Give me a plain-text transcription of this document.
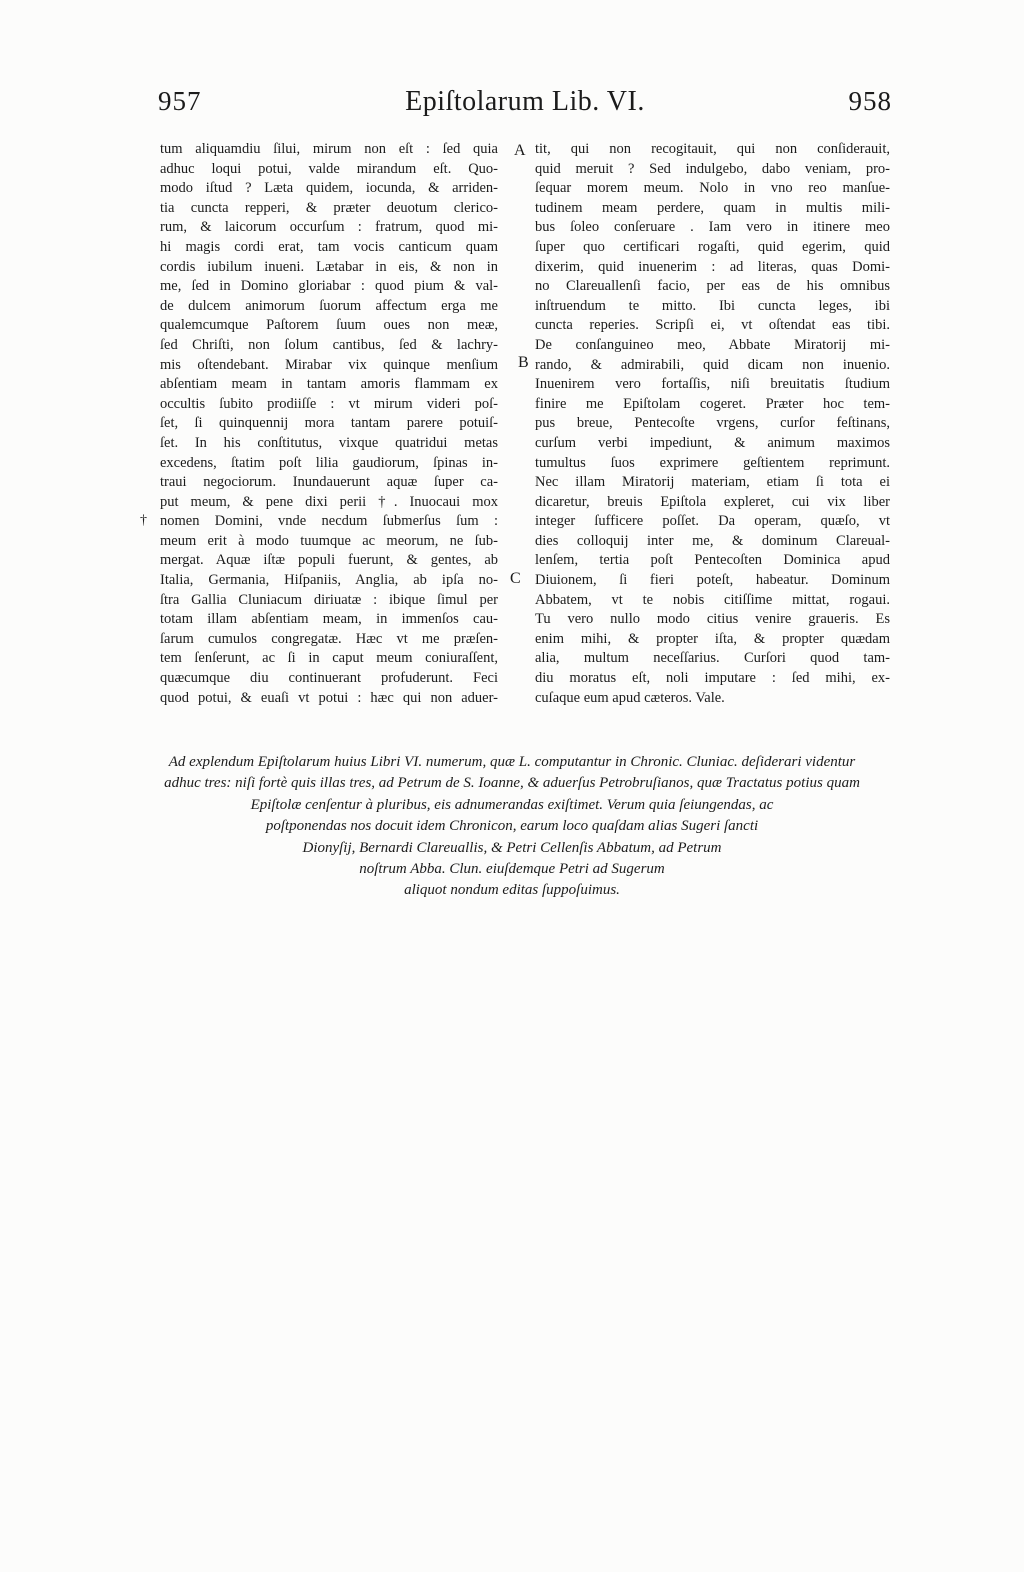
957	Epiſtolarum Lib. VI.	958
tum aliquamdiu ſilui, mirum non eſt : ſed quia
adhuc loqui potui, valde mirandum eſt. Quo-
modo iſtud ? Læta quidem, iocunda, & arriden-
tia cuncta repperi, & præter deuotum clerico-
rum, & laicorum occurſum : fratrum, quod mi-
hi magis cordi erat, tam vocis canticum quam
cordis iubilum inueni. Lætabar in eis, & non in
me, ſed in Domino gloriabar : quod pium & val-
de dulcem animorum ſuorum affectum erga me
qualemcumque Paſtorem ſuum oues non meæ,
ſed Chriſti, non ſolum cantibus, ſed & lachry-
mis oſtendebant. Mirabar vix quinque menſium
abſentiam meam in tantam amoris flammam ex
occultis ſubito prodiiſſe : vt mirum videri poſ-
ſet, ſi quinquennij mora tantam parere potuiſ-
ſet. In his conſtitutus, vixque quatridui metas
excedens, ſtatim poſt lilia gaudiorum, ſpinas in-
traui negociorum. Inundauerunt aquæ ſuper ca-
put meum, & pene dixi perii †. Inuocaui mox
nomen Domini, vnde necdum ſubmerſus ſum :
meum erit à modo tuumque ac meorum, ne ſub-
mergat. Aquæ iſtæ populi fuerunt, & gentes, ab
Italia, Germania, Hiſpaniis, Anglia, ab ipſa no-
ſtra Gallia Cluniacum diriuatæ : ibique ſimul per
totam illam abſentiam meam, in immenſos cau-
ſarum cumulos congregatæ. Hæc vt me præſen-
tem ſenſerunt, ac ſi in caput meum coniuraſſent,
quæcumque diu continuerant profuderunt. Feci
quod potui, & euaſi vt potui : hæc qui non aduer-
tit, qui non recogitauit, qui non conſiderauit,
quid meruit ? Sed indulgebo, dabo veniam, pro-
ſequar morem meum. Nolo in vno reo manſue-
tudinem meam perdere, quam in multis mili-
bus ſoleo conſeruare . Iam vero in itinere meo
ſuper quo certificari rogaſti, quid egerim, quid
dixerim, quid inuenerim : ad literas, quas Domi-
no Clareuallenſi facio, per eas de his omnibus
inſtruendum te mitto. Ibi cuncta leges, ibi
cuncta reperies. Scripſi ei, vt oſtendat eas tibi.
De conſanguineo meo, Abbate Miratorij mi-
rando, & admirabili, quid dicam non inuenio.
Inuenirem vero fortaſſis, niſi breuitatis ſtudium
finire me Epiſtolam cogeret. Præter hoc tem-
pus breue, Pentecoſte vrgens, curſor feſtinans,
curſum verbi impediunt, & animum maximos
tumultus ſuos exprimere geſtientem reprimunt.
Nec illam Miratorij materiam, etiam ſi tota ei
dicaretur, breuis Epiſtola expleret, cui vix liber
integer ſufficere poſſet. Da operam, quæſo, vt
dies colloquij inter me, & dominum Clareual-
lenſem, tertia poſt Pentecoſten Dominica apud
Diuionem, ſi fieri poteſt, habeatur. Dominum
Abbatem, vt te nobis citiſſime mittat, rogaui.
Tu vero nullo modo citius venire graueris. Es
enim mihi, & propter iſta, & propter quædam
alia, multum neceſſarius. Curſori quod tam-
diu moratus eſt, noli imputare : ſed mihi, ex-
cuſaque eum apud cæteros. Vale.
A
B
C
†
Ad explendum Epiſtolarum huius Libri VI. numerum, quæ L. computantur in Chronic. Cluniac. deſiderari videntur
adhuc tres: niſi fortè quis illas tres, ad Petrum de S. Ioanne, & aduerſus Petrobruſianos, quæ Tractatus potius quam
Epiſtolæ cenſentur à pluribus, eis adnumerandas exiſtimet. Verum quia ſeiungendas, ac
poſtponendas nos docuit idem Chronicon, earum loco quaſdam alias Sugeri ſancti
Dionyſij, Bernardi Clareuallis, & Petri Cellenſis Abbatum, ad Petrum
noſtrum Abba. Clun. eiuſdemque Petri ad Sugerum
aliquot nondum editas ſuppoſuimus.
